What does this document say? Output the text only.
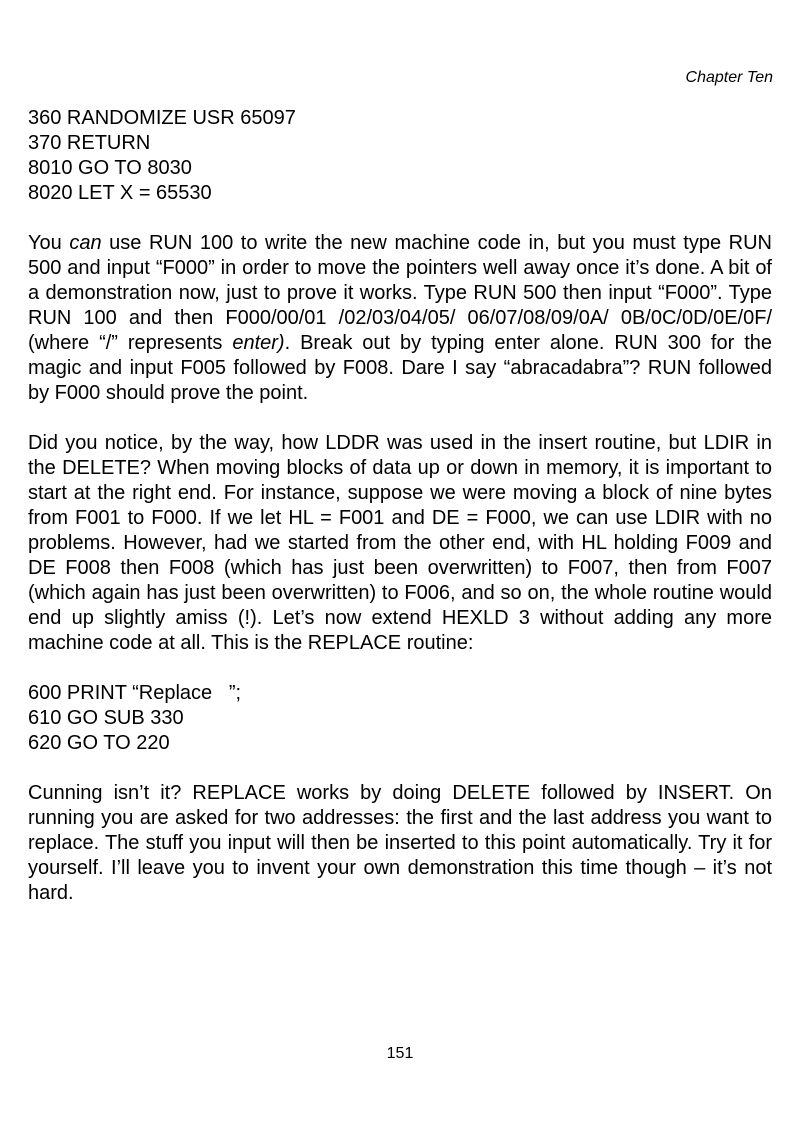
Chapter Ten
360 RANDOMIZE USR 65097
370 RETURN
8010 GO TO 8030
8020 LET X = 65530

You can use RUN 100 to write the new machine code in, but you must type RUN 500 and input “F000” in order to move the pointers well away once it’s done. A bit of a demonstration now, just to prove it works. Type RUN 500 then input “F000”. Type RUN 100 and then F000/00/01 /02/03/04/05/ 06/07/08/09/0A/ 0B/0C/0D/0E/0F/ (where “/” represents enter). Break out by typing enter alone. RUN 300 for the magic and input F005 followed by F008. Dare I say “abracadabra”? RUN followed by F000 should prove the point.

Did you notice, by the way, how LDDR was used in the insert routine, but LDIR in the DELETE? When moving blocks of data up or down in memory, it is important to start at the right end. For instance, suppose we were moving a block of nine bytes from F001 to F000. If we let HL = F001 and DE = F000, we can use LDIR with no problems. However, had we started from the other end, with HL holding F009 and DE F008 then F008 (which has just been overwritten) to F007, then from F007 (which again has just been overwritten) to F006, and so on, the whole routine would end up slightly amiss (!). Let’s now extend HEXLD 3 without adding any more machine code at all. This is the REPLACE routine:

600 PRINT “Replace   ”;
610 GO SUB 330
620 GO TO 220

Cunning isn’t it? REPLACE works by doing DELETE followed by INSERT. On running you are asked for two addresses: the first and the last address you want to replace. The stuff you input will then be inserted to this point automatically. Try it for yourself. I’ll leave you to invent your own demonstration this time though – it’s not hard.

151
